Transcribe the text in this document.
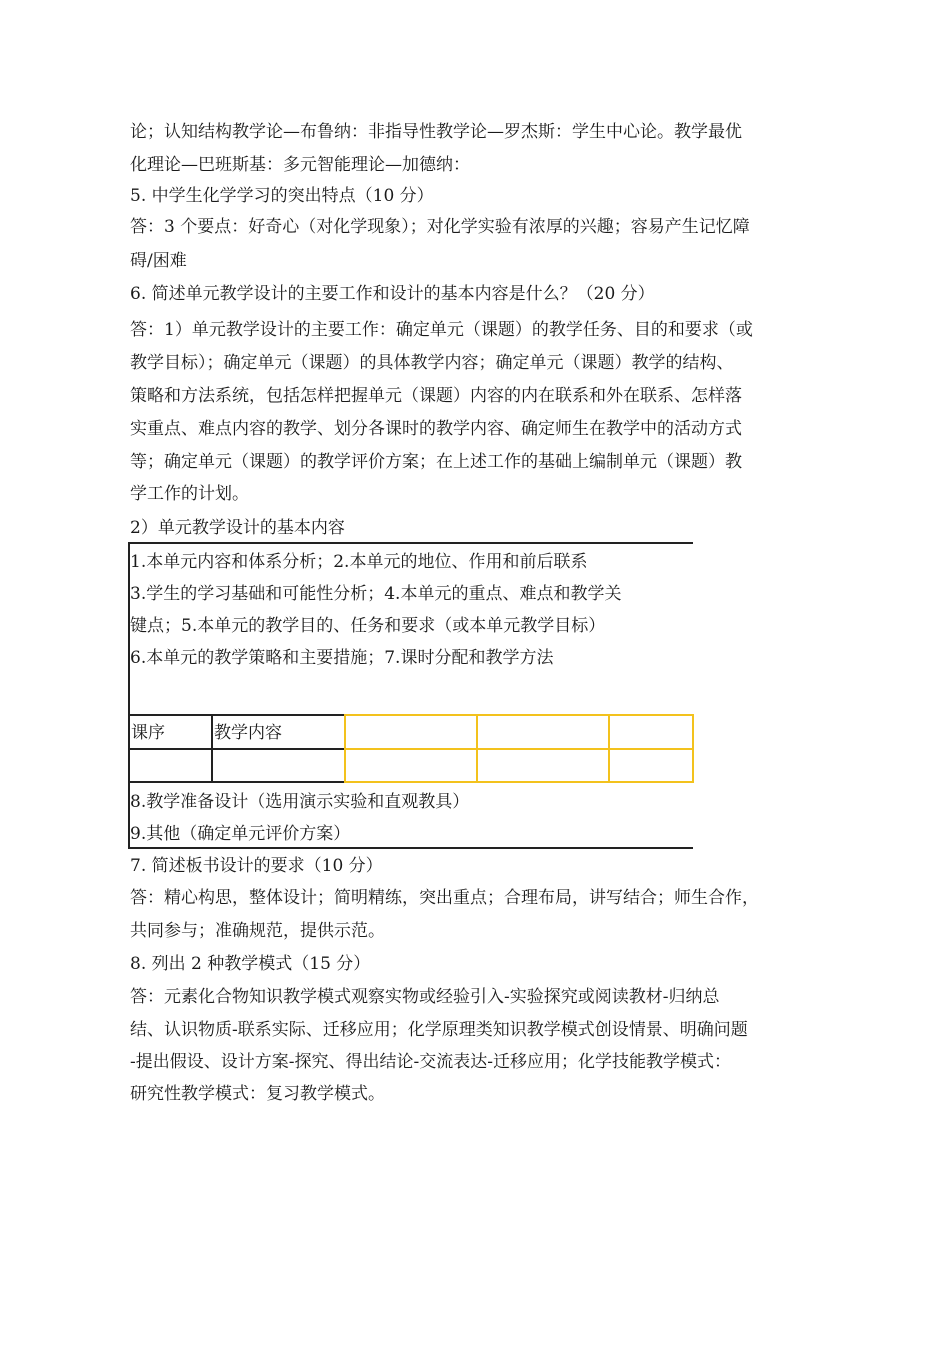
论；认知结构教学论—布鲁纳：非指导性教学论—罗杰斯：学生中心论。教学最优
化理论—巴班斯基：多元智能理论—加德纳：
5. 中学生化学学习的突出特点（10 分）
答：3 个要点：好奇心（对化学现象）；对化学实验有浓厚的兴趣；容易产生记忆障
碍/困难
6. 简述单元教学设计的主要工作和设计的基本内容是什么？（20 分）
答：1）单元教学设计的主要工作：确定单元（课题）的教学任务、目的和要求（或
教学目标）；确定单元（课题）的具体教学内容；确定单元（课题）教学的结构、
策略和方法系统，包括怎样把握单元（课题）内容的内在联系和外在联系、怎样落
实重点、难点内容的教学、划分各课时的教学内容、确定师生在教学中的活动方式
等；确定单元（课题）的教学评价方案；在上述工作的基础上编制单元（课题）教
学工作的计划。
2）单元教学设计的基本内容
1.本单元内容和体系分析；2.本单元的地位、作用和前后联系
3.学生的学习基础和可能性分析；4.本单元的重点、难点和教学关
键点；5.本单元的教学目的、任务和要求（或本单元教学目标）
6.本单元的教学策略和主要措施；7.课时分配和教学方法
课序	教学内容
8.教学准备设计（选用演示实验和直观教具）
9.其他（确定单元评价方案）
7. 简述板书设计的要求（10 分）
答：精心构思，整体设计；简明精练，突出重点；合理布局，讲写结合；师生合作，
共同参与；准确规范，提供示范。
8. 列出 2 种教学模式（15 分）
答：元素化合物知识教学模式观察实物或经验引入-实验探究或阅读教材-归纳总
结、认识物质-联系实际、迁移应用；化学原理类知识教学模式创设情景、明确问题
-提出假设、设计方案-探究、得出结论-交流表达-迁移应用；化学技能教学模式：
研究性教学模式：复习教学模式。
